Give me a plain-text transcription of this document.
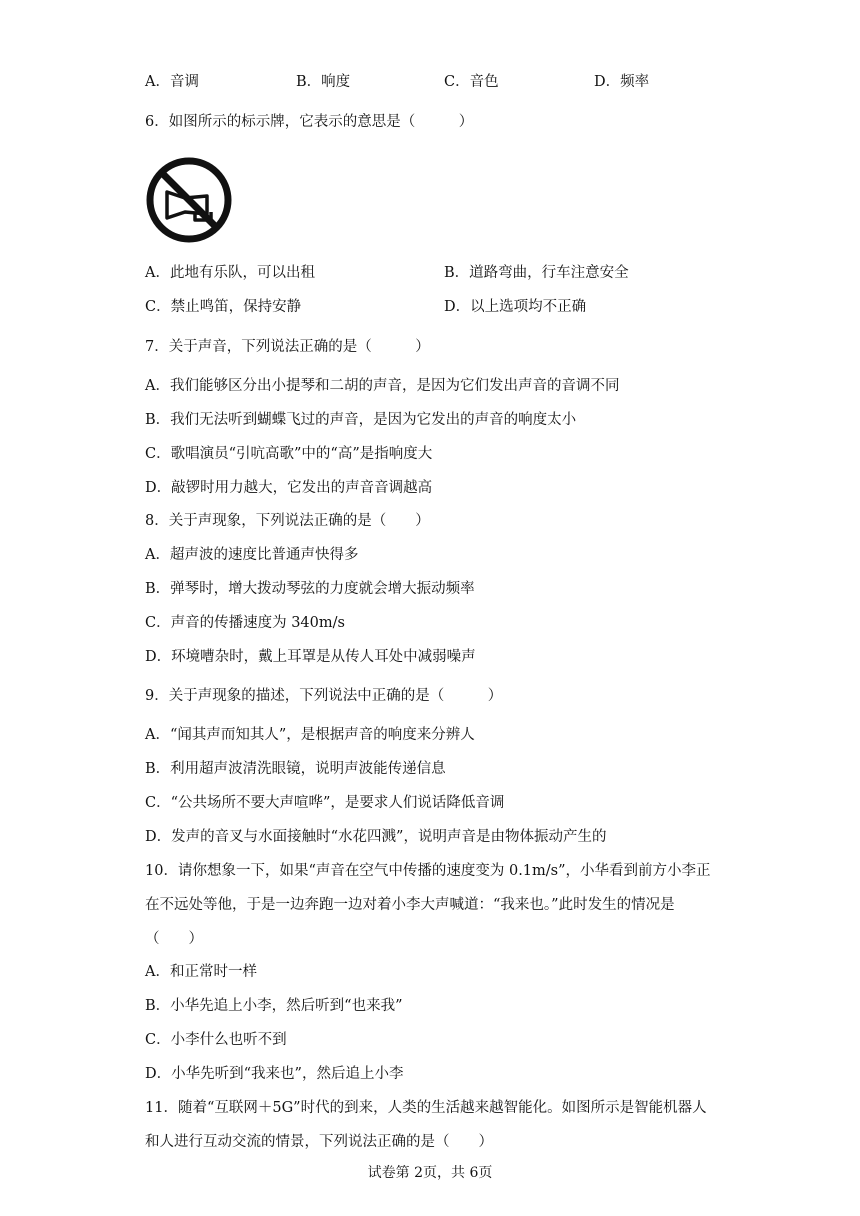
A．音调	B．响度	C．音色	D．频率
6．如图所示的标示牌，它表示的意思是（　　　）
A．此地有乐队，可以出租	B．道路弯曲，行车注意安全
C．禁止鸣笛，保持安静	D．以上选项均不正确
7．关于声音，下列说法正确的是（　　　）
A．我们能够区分出小提琴和二胡的声音，是因为它们发出声音的音调不同
B．我们无法听到蝴蝶飞过的声音，是因为它发出的声音的响度太小
C．歌唱演员“引吭高歌”中的“高”是指响度大
D．敲锣时用力越大，它发出的声音音调越高
8．关于声现象，下列说法正确的是（　　）
A．超声波的速度比普通声快得多
B．弹琴时，增大拨动琴弦的力度就会增大振动频率
C．声音的传播速度为 340m/s
D．环境嘈杂时，戴上耳罩是从传人耳处中减弱噪声
9．关于声现象的描述，下列说法中正确的是（　　　）
A．“闻其声而知其人”，是根据声音的响度来分辨人
B．利用超声波清洗眼镜，说明声波能传递信息
C．“公共场所不要大声喧哗”，是要求人们说话降低音调
D．发声的音叉与水面接触时“水花四溅”，说明声音是由物体振动产生的
10．请你想象一下，如果“声音在空气中传播的速度变为 0.1m/s”，小华看到前方小李正
在不远处等他，于是一边奔跑一边对着小李大声喊道：“我来也。”此时发生的情况是
（　　）
A．和正常时一样
B．小华先追上小李，然后听到“也来我”
C．小李什么也听不到
D．小华先听到“我来也”，然后追上小李
11．随着“互联网＋5G”时代的到来，人类的生活越来越智能化。如图所示是智能机器人
和人进行互动交流的情景，下列说法正确的是（　　）
试卷第 2页，共 6页
